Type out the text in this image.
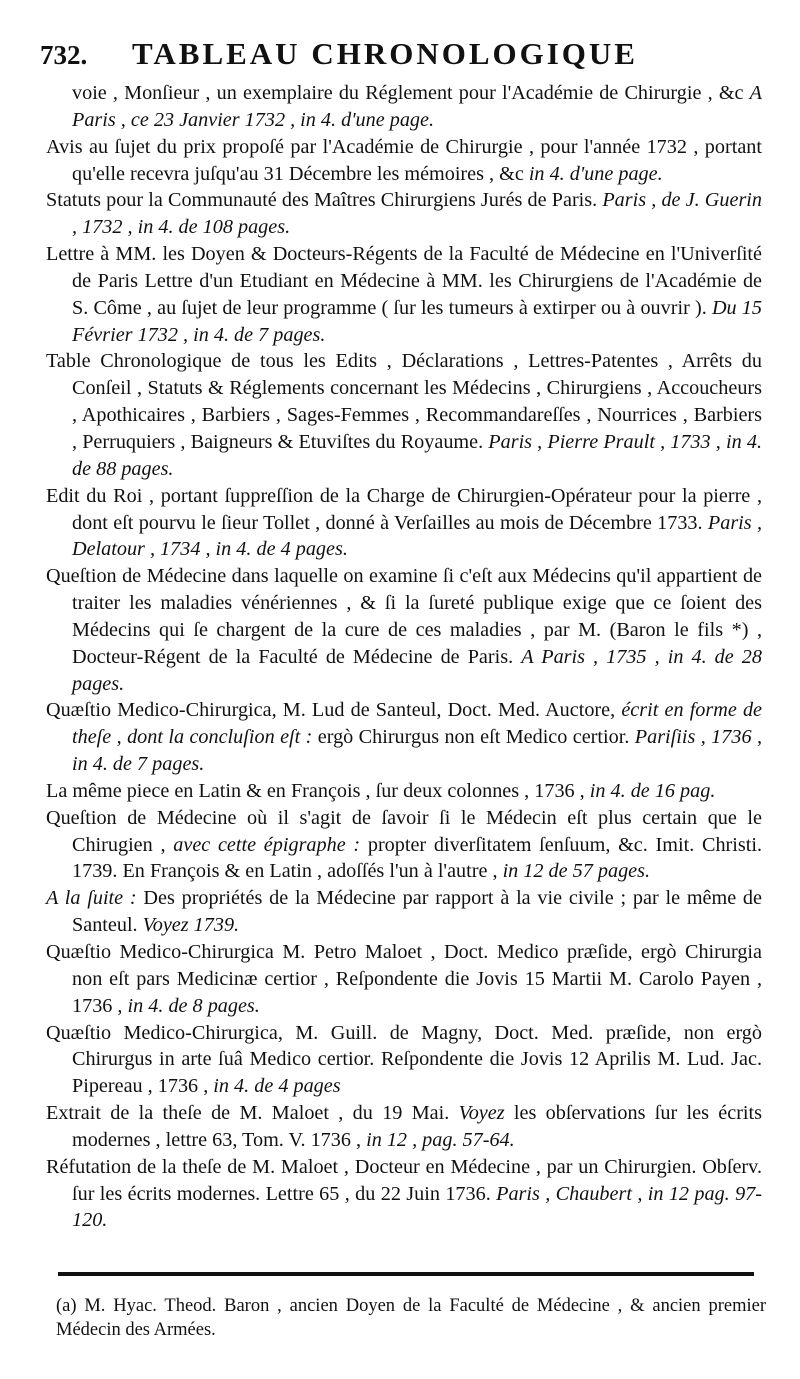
732. TABLEAU CHRONOLOGIQUE
voie , Monſieur , un exemplaire du Réglement pour l'Académie de Chirurgie , &c A Paris , ce 23 Janvier 1732 , in 4. d'une page.
Avis au ſujet du prix propoſé par l'Académie de Chirurgie , pour l'année 1732 , portant qu'elle recevra juſqu'au 31 Décembre les mémoires , &c in 4. d'une page.
Statuts pour la Communauté des Maîtres Chirurgiens Jurés de Paris. Paris , de J. Guerin , 1732 , in 4. de 108 pages.
Lettre à MM. les Doyen & Docteurs-Régents de la Faculté de Médecine en l'Univerſité de Paris Lettre d'un Etudiant en Médecine à MM. les Chirurgiens de l'Académie de S. Côme , au ſujet de leur programme ( ſur les tumeurs à extirper ou à ouvrir ). Du 15 Février 1732 , in 4. de 7 pages.
Table Chronologique de tous les Edits , Déclarations , Lettres-Patentes , Arrêts du Conſeil , Statuts & Réglements concernant les Médecins , Chirurgiens , Accoucheurs , Apothicaires , Barbiers , Sages-Femmes , Recommandareſſes , Nourrices , Barbiers , Perruquiers , Baigneurs & Etuviſtes du Royaume. Paris , Pierre Prault , 1733 , in 4. de 88 pages.
Edit du Roi , portant ſuppreſſion de la Charge de Chirurgien-Opérateur pour la pierre , dont eſt pourvu le ſieur Tollet , donné à Verſailles au mois de Décembre 1733. Paris , Delatour , 1734 , in 4. de 4 pages.
Queſtion de Médecine dans laquelle on examine ſi c'eſt aux Médecins qu'il appartient de traiter les maladies vénériennes , & ſi la ſureté publique exige que ce ſoient des Médecins qui ſe chargent de la cure de ces maladies , par M. (Baron le fils *) , Docteur-Régent de la Faculté de Médecine de Paris. A Paris , 1735 , in 4. de 28 pages.
Quæſtio Medico-Chirurgica, M. Lud de Santeul, Doct. Med. Auctore, écrit en forme de theſe , dont la concluſion eſt : ergò Chirurgus non eſt Medico certior. Pariſiis , 1736 , in 4. de 7 pages.
La même piece en Latin & en François , ſur deux colonnes , 1736 , in 4. de 16 pag.
Queſtion de Médecine où il s'agit de ſavoir ſi le Médecin eſt plus certain que le Chirugien , avec cette épigraphe : propter diverſitatem ſenſuum, &c. Imit. Christi. 1739. En François & en Latin , adoſſés l'un à l'autre , in 12 de 57 pages.
A la ſuite : Des propriétés de la Médecine par rapport à la vie civile ; par le même de Santeul. Voyez 1739.
Quæſtio Medico-Chirurgica M. Petro Maloet , Doct. Medico præſide, ergò Chirurgia non eſt pars Medicinæ certior , Reſpondente die Jovis 15 Martii M. Carolo Payen , 1736 , in 4. de 8 pages.
Quæſtio Medico-Chirurgica, M. Guill. de Magny, Doct. Med. præſide, non ergò Chirurgus in arte ſuâ Medico certior. Reſpondente die Jovis 12 Aprilis M. Lud. Jac. Pipereau , 1736 , in 4. de 4 pages
Extrait de la theſe de M. Maloet , du 19 Mai. Voyez les obſervations ſur les écrits modernes , lettre 63, Tom. V. 1736 , in 12 , pag. 57-64.
Réfutation de la theſe de M. Maloet , Docteur en Médecine , par un Chirurgien. Obſerv. ſur les écrits modernes. Lettre 65 , du 22 Juin 1736. Paris , Chaubert , in 12 pag. 97-120.
(a) M. Hyac. Theod. Baron , ancien Doyen de la Faculté de Médecine , & ancien premier Médecin des Armées.
